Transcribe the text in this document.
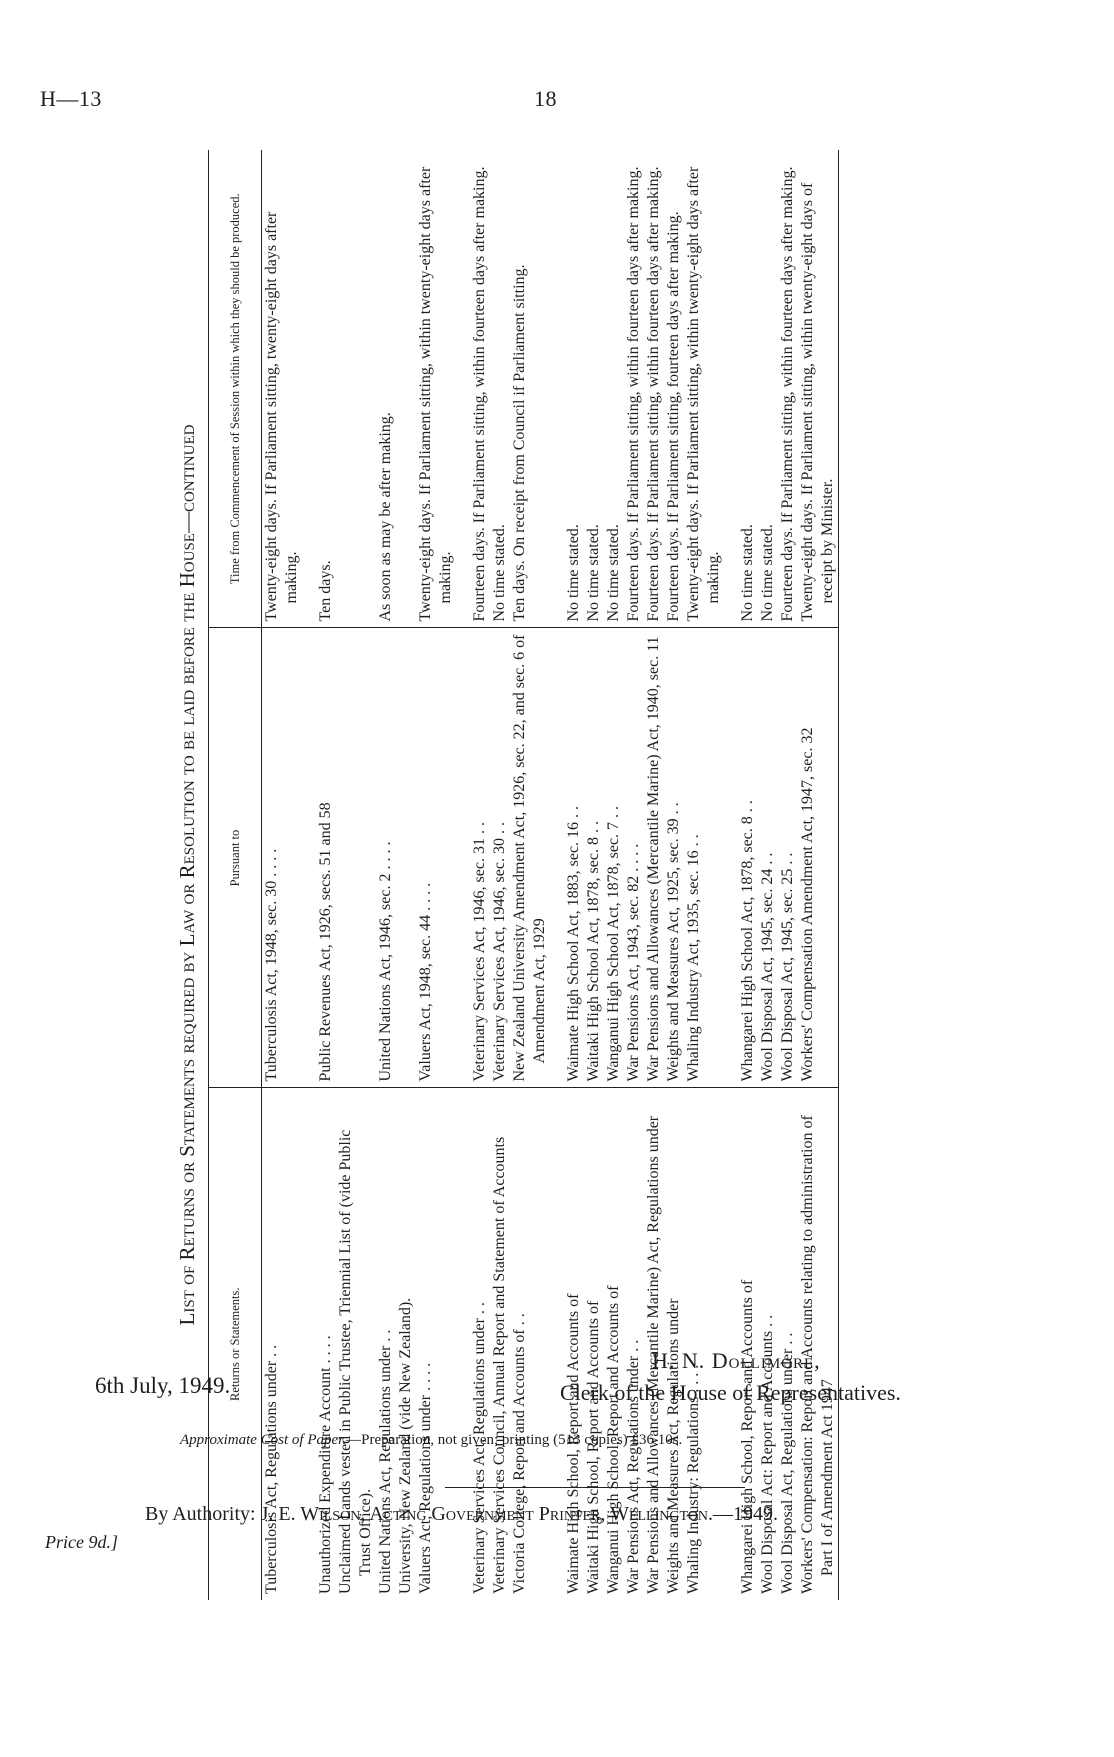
H—13	18
List of Returns or Statements required by Law or Resolution to be laid before the House—continued
Returns or Statements.	Pursuant to	Time from Commencement of Session within which they should be produced.

Tuberculosis Act, Regulations under . .	Tuberculosis Act, 1948, sec. 30 . . . .	Twenty-eight days. If Parliament sitting, twenty-eight days after making.

Unauthorized Expenditure Account . . . .	Public Revenues Act, 1926, secs. 51 and 58	Ten days.

Unclaimed Lands vested in Public Trustee, Triennial List of (vide Public Trust Office).		

United Nations Act, Regulations under . .	United Nations Act, 1946, sec. 2 . . . .	As soon as may be after making.

University, New Zealand (vide New Zealand).		

Valuers Act, Regulations under . . . .	Valuers Act, 1948, sec. 44 . . . .	Twenty-eight days. If Parliament sitting, within twenty-eight days after making.

Veterinary Services Act, Regulations under . .	Veterinary Services Act, 1946, sec. 31 . .	Fourteen days. If Parliament sitting, within fourteen days after making.

Veterinary Services Council, Annual Report and Statement of Accounts	Veterinary Services Act, 1946, sec. 30 . .	No time stated.

Victoria College, Report and Accounts of . .	New Zealand University Amendment Act, 1926, sec. 22, and sec. 6 of Amendment Act, 1929	Ten days. On receipt from Council if Parliament sitting.

Waimate High School, Report and Accounts of	Waimate High School Act, 1883, sec. 16 . .	No time stated.

Waitaki High School, Report and Accounts of	Waitaki High School Act, 1878, sec. 8 . .	No time stated.

Wanganui High School, Report and Accounts of	Wanganui High School Act, 1878, sec. 7 . .	No time stated.

War Pensions Act, Regulations under . .	War Pensions Act, 1943, sec. 82 . . . .	Fourteen days. If Parliament sitting, within fourteen days after making.

War Pensions and Allowances (Mercantile Marine) Act, Regulations under	War Pensions and Allowances (Mercantile Marine) Act, 1940, sec. 11	Fourteen days. If Parliament sitting, within fourteen days after making.

Weights and Measures Act, Regulations under	Weights and Measures Act, 1925, sec. 39 . .	Fourteen days. If Parliament sitting, fourteen days after making.

Whaling Industry: Regulations . . . .	Whaling Industry Act, 1935, sec. 16 . .	Twenty-eight days. If Parliament sitting, within twenty-eight days after making.

Whangarei High School, Report and Accounts of	Whangarei High School Act, 1878, sec. 8 . .	No time stated.

Wool Disposal Act: Report and Accounts . .	Wool Disposal Act, 1945, sec. 24 . .	No time stated.

Wool Disposal Act, Regulations under . .	Wool Disposal Act, 1945, sec. 25 . .	Fourteen days. If Parliament sitting, within fourteen days after making.

Workers' Compensation: Report and Accounts relating to administration of Part I of Amendment Act 1947	Workers' Compensation Amendment Act, 1947, sec. 32	Twenty-eight days. If Parliament sitting, within twenty-eight days of receipt by Minister.

6th July, 1949.
H. N. Dollimore,
Clerk of the House of Representatives.
Approximate Cost of Paper.—Preparation, not given; printing (513 copies) £36 10s.
By Authority: J. E. Wilson, Acting Government Printer, Wellington.—1949.
Price 9d.]
